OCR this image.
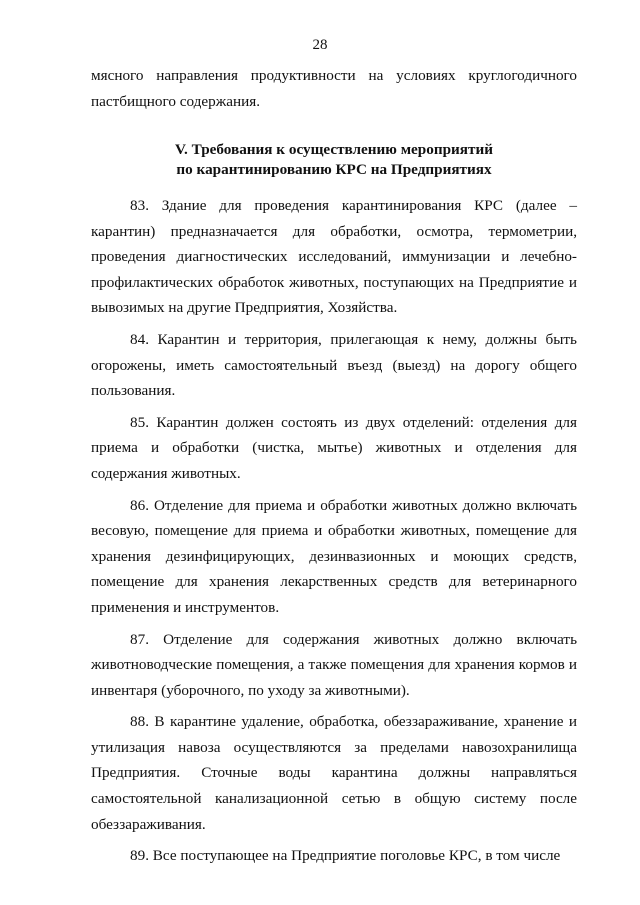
28

мясного направления продуктивности на условиях круглогодичного пастбищного содержания.

V. Требования к осуществлению мероприятий
по карантинированию КРС на Предприятиях

83. Здание для проведения карантинирования КРС (далее – карантин) предназначается для обработки, осмотра, термометрии, проведения диагностических исследований, иммунизации и лечебно-профилактических обработок животных, поступающих на Предприятие и вывозимых на другие Предприятия, Хозяйства.

84. Карантин и территория, прилегающая к нему, должны быть огорожены, иметь самостоятельный въезд (выезд) на дорогу общего пользования.

85. Карантин должен состоять из двух отделений: отделения для приема и обработки (чистка, мытье) животных и отделения для содержания животных.

86. Отделение для приема и обработки животных должно включать весовую, помещение для приема и обработки животных, помещение для хранения дезинфицирующих, дезинвазионных и моющих средств, помещение для хранения лекарственных средств для ветеринарного применения и инструментов.

87. Отделение для содержания животных должно включать животноводческие помещения, а также помещения для хранения кормов и инвентаря (уборочного, по уходу за животными).

88. В карантине удаление, обработка, обеззараживание, хранение и утилизация навоза осуществляются за пределами навозохранилища Предприятия. Сточные воды карантина должны направляться самостоятельной канализационной сетью в общую систему после обеззараживания.

89. Все поступающее на Предприятие поголовье КРС, в том числе
